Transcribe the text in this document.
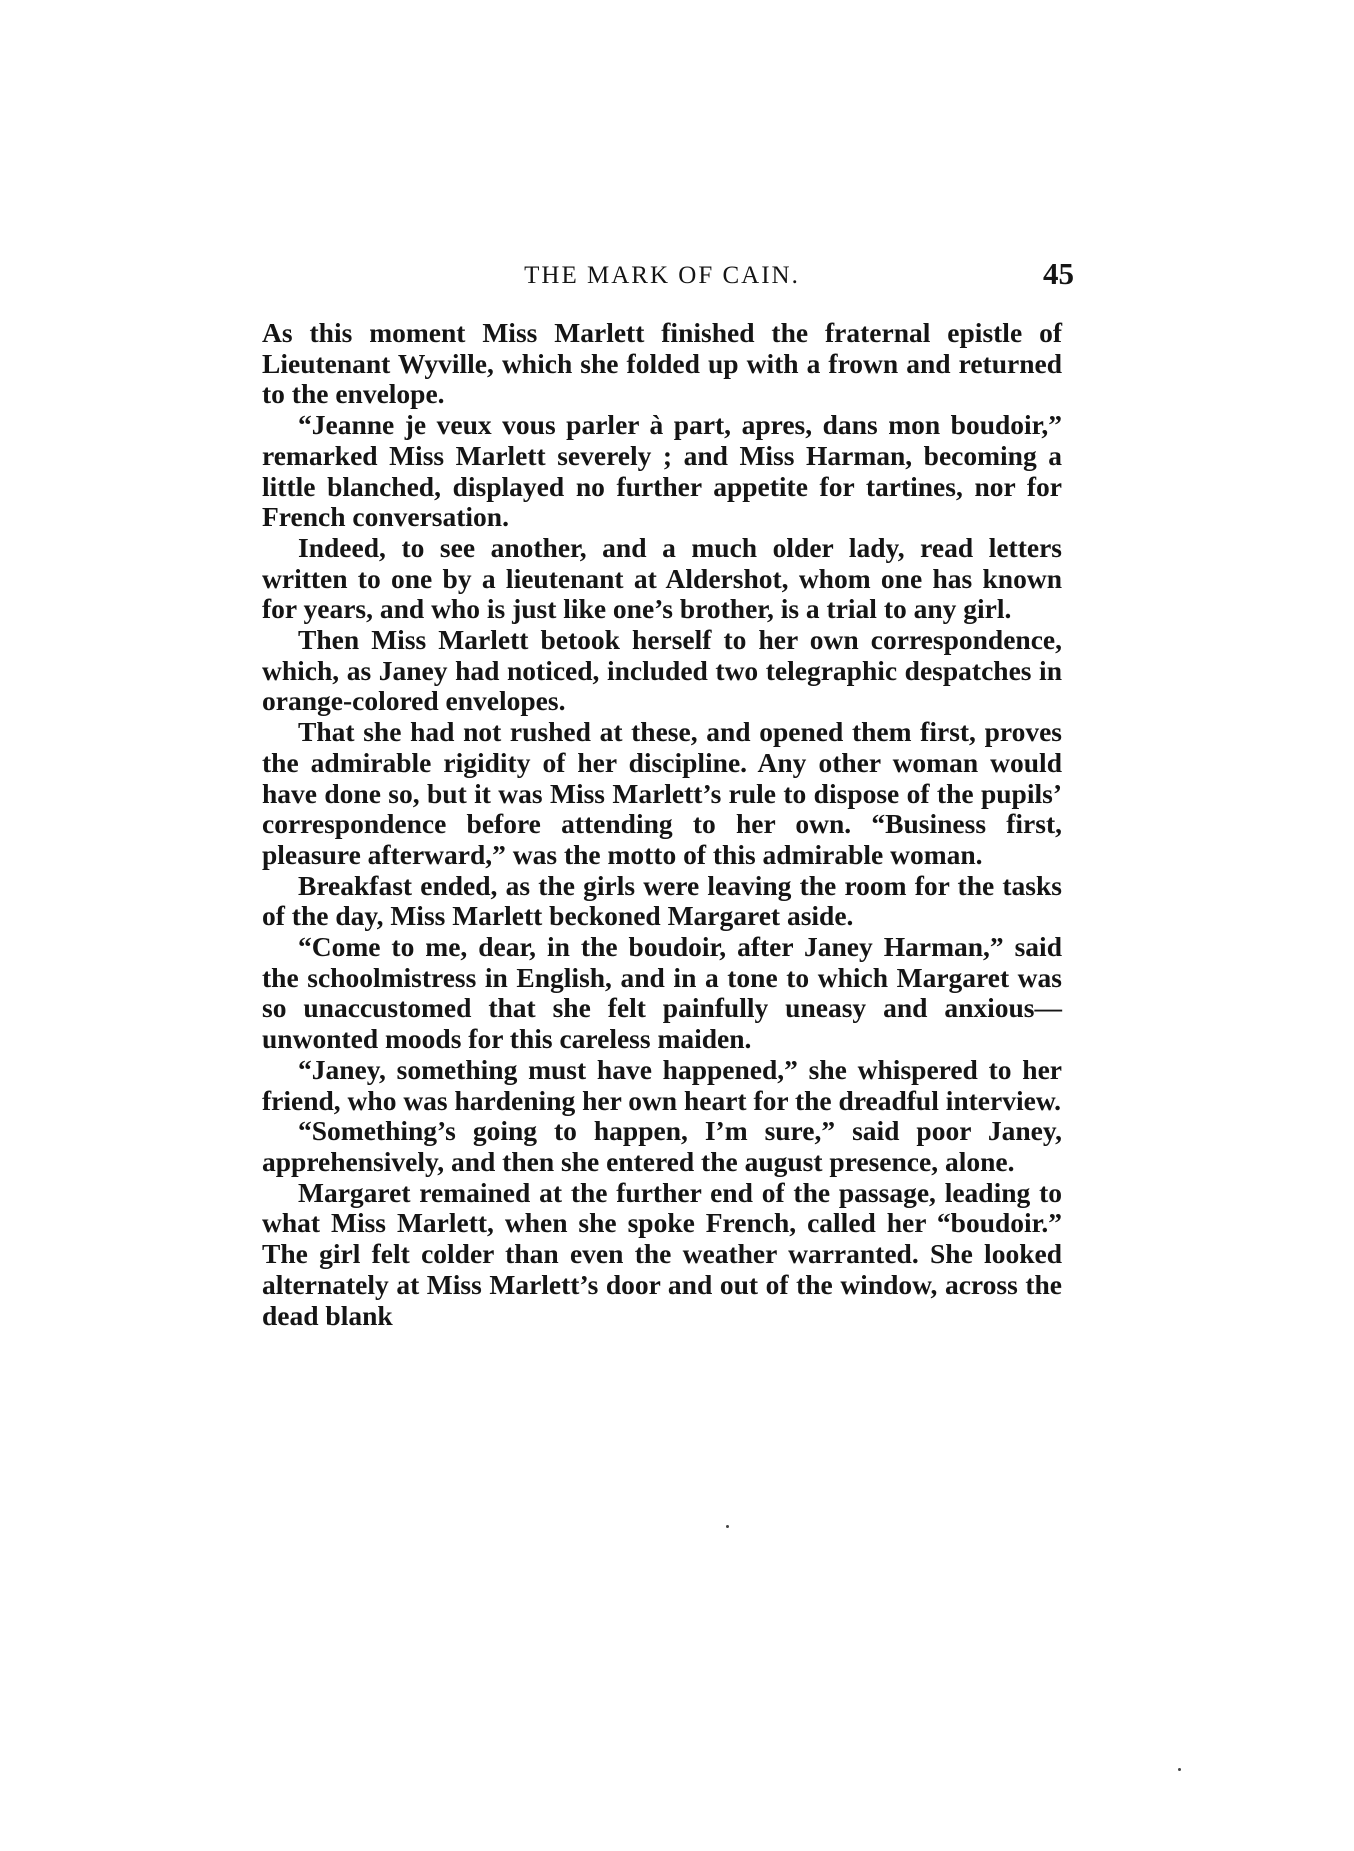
THE MARK OF CAIN.	45

As this moment Miss Marlett finished the fraternal epistle of Lieutenant Wyville, which she folded up with a frown and returned to the envelope.

“Jeanne je veux vous parler à part, apres, dans mon boudoir,” remarked Miss Marlett severely ; and Miss Harman, becoming a little blanched, displayed no further appetite for tartines, nor for French conversation.

Indeed, to see another, and a much older lady, read letters written to one by a lieutenant at Aldershot, whom one has known for years, and who is just like one’s brother, is a trial to any girl.

Then Miss Marlett betook herself to her own correspondence, which, as Janey had noticed, included two telegraphic despatches in orange-colored envelopes.

That she had not rushed at these, and opened them first, proves the admirable rigidity of her discipline. Any other woman would have done so, but it was Miss Marlett’s rule to dispose of the pupils’ correspondence before attending to her own. “Business first, pleasure afterward,” was the motto of this admirable woman.

Breakfast ended, as the girls were leaving the room for the tasks of the day, Miss Marlett beckoned Margaret aside.

“Come to me, dear, in the boudoir, after Janey Harman,” said the schoolmistress in English, and in a tone to which Margaret was so unaccustomed that she felt painfully uneasy and anxious—unwonted moods for this careless maiden.

“Janey, something must have happened,” she whispered to her friend, who was hardening her own heart for the dreadful interview.

“Something’s going to happen, I’m sure,” said poor Janey, apprehensively, and then she entered the august presence, alone.

Margaret remained at the further end of the passage, leading to what Miss Marlett, when she spoke French, called her “boudoir.” The girl felt colder than even the weather warranted. She looked alternately at Miss Marlett’s door and out of the window, across the dead blank
